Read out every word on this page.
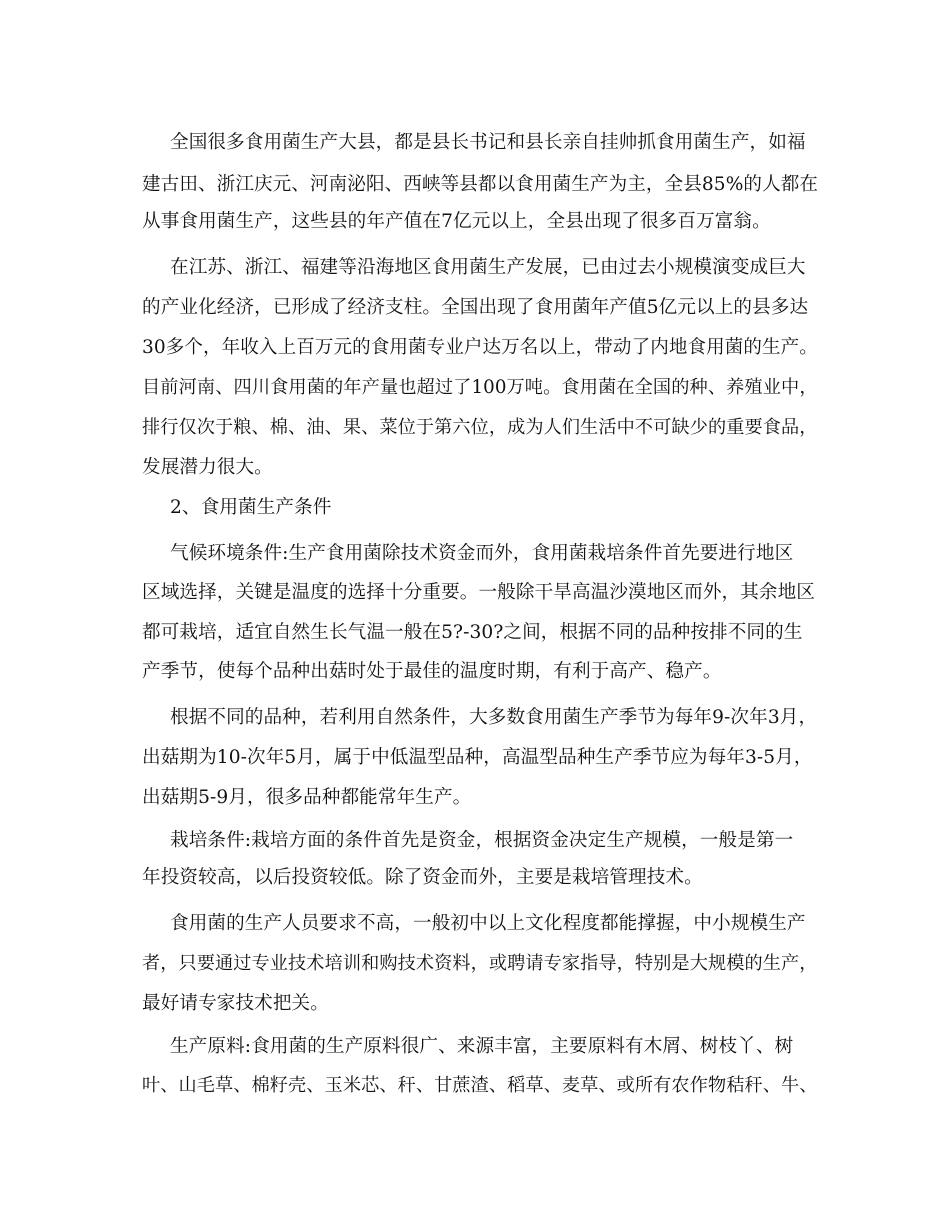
全国很多食用菌生产大县，都是县长书记和县长亲自挂帅抓食用菌生产，如福
建古田、浙江庆元、河南泌阳、西峡等县都以食用菌生产为主，全县85%的人都在
从事食用菌生产，这些县的年产值在7亿元以上，全县出现了很多百万富翁。
在江苏、浙江、福建等沿海地区食用菌生产发展，已由过去小规模演变成巨大
的产业化经济，已形成了经济支柱。全国出现了食用菌年产值5亿元以上的县多达
30多个，年收入上百万元的食用菌专业户达万名以上，带动了内地食用菌的生产。
目前河南、四川食用菌的年产量也超过了100万吨。食用菌在全国的种、养殖业中，
排行仅次于粮、棉、油、果、菜位于第六位，成为人们生活中不可缺少的重要食品，
发展潜力很大。
2、食用菌生产条件
气候环境条件:生产食用菌除技术资金而外，食用菌栽培条件首先要进行地区
区域选择，关键是温度的选择十分重要。一般除干旱高温沙漠地区而外，其余地区
都可栽培，适宜自然生长气温一般在5?-30?之间，根据不同的品种按排不同的生
产季节，使每个品种出菇时处于最佳的温度时期，有利于高产、稳产。
根据不同的品种，若利用自然条件，大多数食用菌生产季节为每年9-次年3月，
出菇期为10-次年5月，属于中低温型品种，高温型品种生产季节应为每年3-5月，
出菇期5-9月，很多品种都能常年生产。
栽培条件:栽培方面的条件首先是资金，根据资金决定生产规模，一般是第一
年投资较高，以后投资较低。除了资金而外，主要是栽培管理技术。
食用菌的生产人员要求不高，一般初中以上文化程度都能撑握，中小规模生产
者，只要通过专业技术培训和购技术资料，或聘请专家指导，特别是大规模的生产，
最好请专家技术把关。
生产原料:食用菌的生产原料很广、来源丰富，主要原料有木屑、树枝丫、树
叶、山毛草、棉籽壳、玉米芯、秆、甘蔗渣、稻草、麦草、或所有农作物秸秆、牛、
